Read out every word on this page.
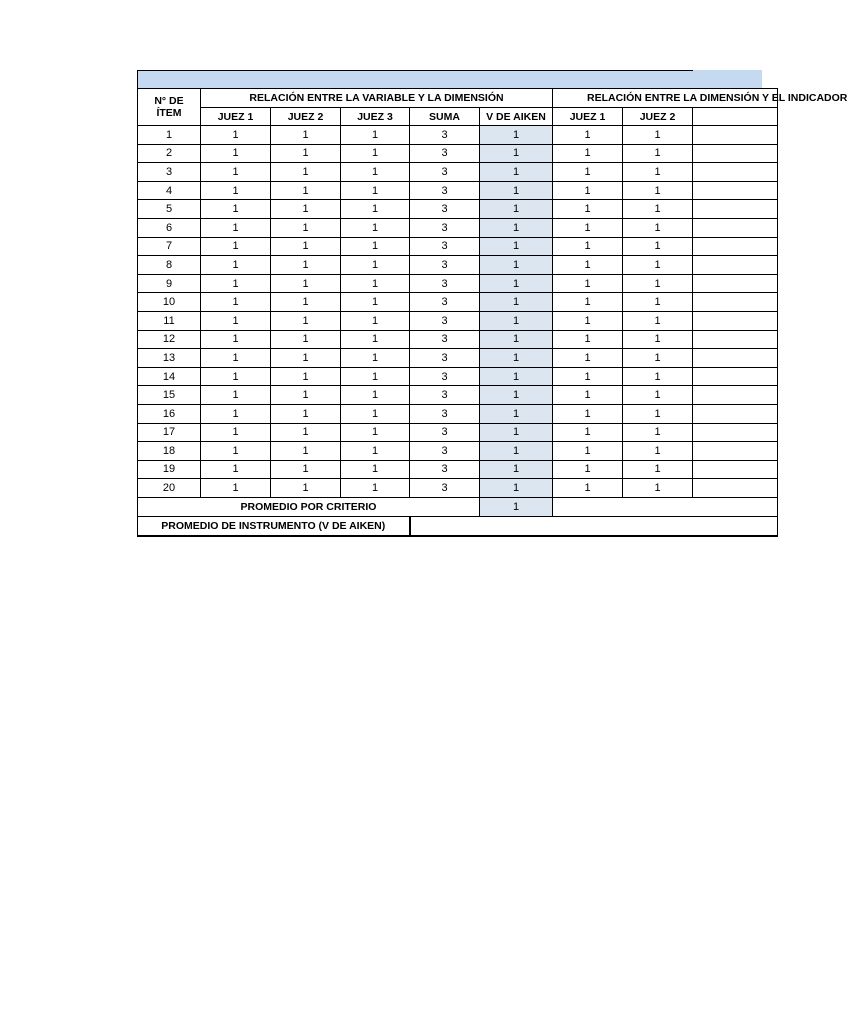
N° DE
ÍTEM	RELACIÓN ENTRE LA VARIABLE Y LA DIMENSIÓN					RELACIÓN ENTRE LA DIMENSIÓN Y EL INDICADOR		
	JUEZ 1	JUEZ 2	JUEZ 3	SUMA	V DE AIKEN	JUEZ 1	JUEZ 2	
1	1	1	1	3	1	1	1	
2	1	1	1	3	1	1	1	
3	1	1	1	3	1	1	1	
4	1	1	1	3	1	1	1	
5	1	1	1	3	1	1	1	
6	1	1	1	3	1	1	1	
7	1	1	1	3	1	1	1	
8	1	1	1	3	1	1	1	
9	1	1	1	3	1	1	1	
10	1	1	1	3	1	1	1	
11	1	1	1	3	1	1	1	
12	1	1	1	3	1	1	1	
13	1	1	1	3	1	1	1	
14	1	1	1	3	1	1	1	
15	1	1	1	3	1	1	1	
16	1	1	1	3	1	1	1	
17	1	1	1	3	1	1	1	
18	1	1	1	3	1	1	1	
19	1	1	1	3	1	1	1	
20	1	1	1	3	1	1	1	
PROMEDIO POR CRITERIO					1			
PROMEDIO DE INSTRUMENTO (V DE AIKEN)								
